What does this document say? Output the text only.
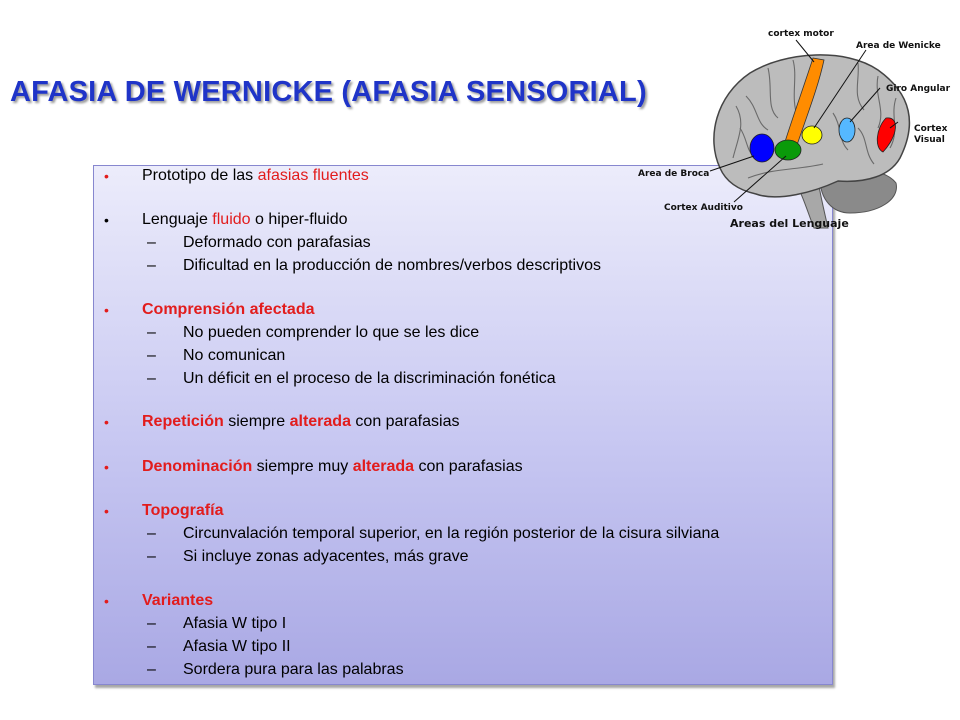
AFASIA DE WERNICKE (AFASIA SENSORIAL)
• Prototipo de las afasias fluentes
• Lenguaje fluido o hiper-fluido
– Deformado con parafasias
– Dificultad en la producción de nombres/verbos descriptivos
• Comprensión afectada
– No pueden comprender lo que se les dice
– No comunican
– Un déficit en el proceso de la discriminación fonética
• Repetición siempre alterada con parafasias
• Denominación siempre muy alterada con parafasias
• Topografía
– Circunvalación temporal superior, en la región posterior de la cisura silviana
– Si incluye zonas adyacentes, más grave
• Variantes
– Afasia W tipo I
– Afasia W tipo II
– Sordera pura para las palabras
cortex motor
Area de Wenicke
Giro Angular
Cortex
Visual
Area de Broca
Cortex Auditivo
Areas del Lenguaje
